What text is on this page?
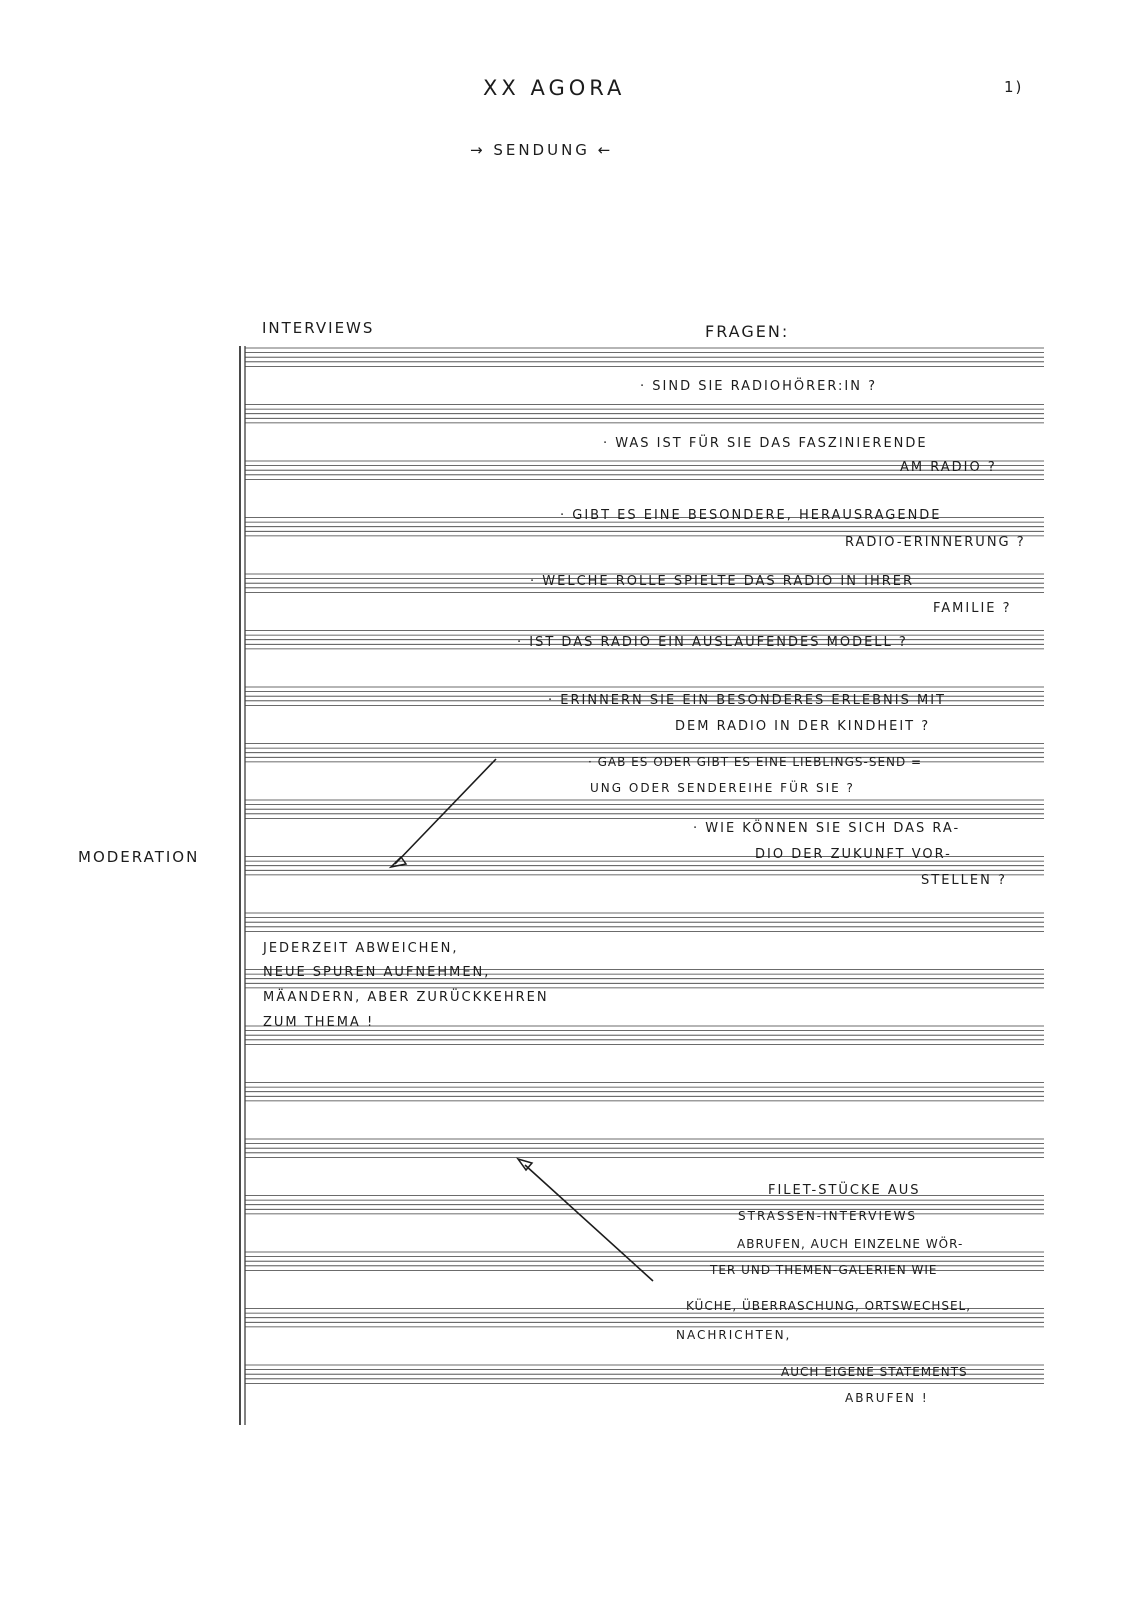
XX AGORA	1)
→ SENDUNG ←
INTERVIEWS	FRAGEN:
MODERATION
· SIND SIE RADIOHÖRER:IN ?
· WAS IST FÜR SIE DAS FASZINIERENDE
AM RADIO ?
· GIBT ES EINE BESONDERE, HERAUSRAGENDE
RADIO-ERINNERUNG ?
· WELCHE ROLLE SPIELTE DAS RADIO IN IHRER
FAMILIE ?
· IST DAS RADIO EIN AUSLAUFENDES MODELL ?
· ERINNERN SIE EIN BESONDERES ERLEBNIS MIT
DEM RADIO IN DER KINDHEIT ?
· GAB ES ODER GIBT ES EINE LIEBLINGS-SEND =
UNG ODER SENDEREIHE FÜR SIE ?
· WIE KÖNNEN SIE SICH DAS RA-
DIO DER ZUKUNFT VOR-
STELLEN ?
JEDERZEIT ABWEICHEN,
NEUE SPUREN AUFNEHMEN,
MÄANDERN, ABER ZURÜCKKEHREN
ZUM THEMA !
FILET-STÜCKE AUS
STRASSEN-INTERVIEWS
ABRUFEN, AUCH EINZELNE WÖR-
TER UND THEMEN-GALERIEN WIE
KÜCHE, ÜBERRASCHUNG, ORTSWECHSEL,
NACHRICHTEN,
AUCH EIGENE STATEMENTS
ABRUFEN !
